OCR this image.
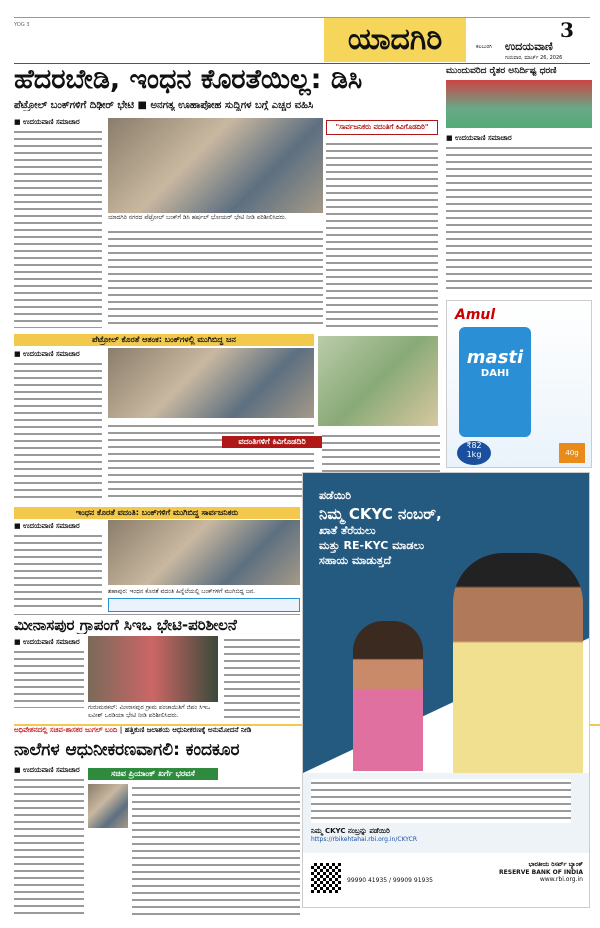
YDG 3	ಯಾದಗಿರಿ	3
ಕಲಬುರಗಿ ಉದಯವಾಣಿ
ಗುರುವಾರ, ಮಾರ್ಚ್ 26, 2026
ಹೆದರಬೇಡಿ, ಇಂಧನ ಕೊರತೆಯಿಲ್ಲ: ಡಿಸಿ
ಪೆಟ್ರೋಲ್ ಬಂಕ್‌ಗಳಿಗೆ ದಿಢೀರ್ ಭೇಟಿ ■ ಅನಗತ್ಯ ಊಹಾಪೋಹ ಸುದ್ದಿಗಳ ಬಗ್ಗೆ ಎಚ್ಚರ ವಹಿಸಿ
■ ಉದಯವಾಣಿ ಸಮಾಚಾರ
ಯಾದಗಿರಿ ನಗರದ ಪೆಟ್ರೋಲ್ ಬಂಕ್‌ಗೆ ಡಿಸಿ ಹರ್ಷಲ್ ಭೋಯರ್ ಭೇಟಿ ನೀಡಿ ಪರಿಶೀಲಿಸಿದರು.
"ಸಾರ್ವಜನಿಕರು ವದಂತಿಗೆ ಕಿವಿಗೊಡದಿರಿ"
ಮುಂದುವರಿದ ರೈತರ ಅನಿರ್ದಿಷ್ಟ ಧರಣಿ
■ ಉದಯವಾಣಿ ಸಮಾಚಾರ
ಪೆಟ್ರೋಲ್ ಕೊರತೆ ಆತಂಕ: ಬಂಕ್‌ಗಳಲ್ಲಿ ಮುಗಿಬಿದ್ದ ಜನ
■ ಉದಯವಾಣಿ ಸಮಾಚಾರ
ವದಂತಿಗಳಿಗೆ ಕಿವಿಗೊಡದಿರಿ
Amul
masti
DAHI
₹82
1kg	40g
ಇಂಧನ ಕೊರತೆ ವದಂತಿ: ಬಂಕ್‌ಗಳಿಗೆ ಮುಗಿಬಿದ್ದ ಸಾರ್ವಜನಿಕರು
■ ಉದಯವಾಣಿ ಸಮಾಚಾರ
ಶಹಾಪುರ: ಇಂಧನ ಕೊರತೆ ವದಂತಿ ಹಿನ್ನೆಲೆಯಲ್ಲಿ ಬಂಕ್‌ಗಳಿಗೆ ಮುಗಿಬಿದ್ದ ಜನ.
ಮೀನಾಸಪುರ ಗ್ರಾಪಂಗೆ ಸಿಇಒ ಭೇಟಿ-ಪರಿಶೀಲನೆ
■ ಉದಯವಾಣಿ ಸಮಾಚಾರ
ಗುರುಮಠಕಲ್: ಮೀನಾಸಪುರ ಗ್ರಾಮ ಪಂಚಾಯಿತಿಗೆ ಜಿಪಂ ಸಿಇಒ ಲವೀಶ್ ಒರಡಿಯಾ ಭೇಟಿ ನೀಡಿ ಪರಿಶೀಲಿಸಿದರು.
ಅಧಿವೇಶನದಲ್ಲಿ ಸಚಿವ-ಶಾಸಕರ ಜುಗಲ್ ಬಂದಿ | ಹತ್ತಿಕುಣಿ ಜಲಾಶಯ ಆಧುನೀಕರಣಕ್ಕೆ ಅನುಮೋದನೆ ನೀಡಿ
ನಾಲೆಗಳ ಆಧುನೀಕರಣವಾಗಲಿ: ಕಂದಕೂರ
■ ಉದಯವಾಣಿ ಸಮಾಚಾರ	ಸಚಿವ ಪ್ರಿಯಾಂಕ್ ಖರ್ಗೆ ಭರವಸೆ
ಪಡೆಯಿರಿ
ನಿಮ್ಮ CKYC ನಂಬರ್,
ಖಾತೆ ತೆರೆಯಲು
ಮತ್ತು RE-KYC ಮಾಡಲು
ಸಹಾಯ ಮಾಡುತ್ತದೆ
ನಿಮ್ಮ CKYC ನಂಬ್ರನ್ನು ಪಡೆಯಿರಿ
https://rbikehtahai.rbi.org.in/CKYCR
99990 41935 / 99909 91935
ಭಾರತೀಯ ರಿಸರ್ವ್ ಬ್ಯಾಂಕ್
RESERVE BANK OF INDIA
www.rbi.org.in
